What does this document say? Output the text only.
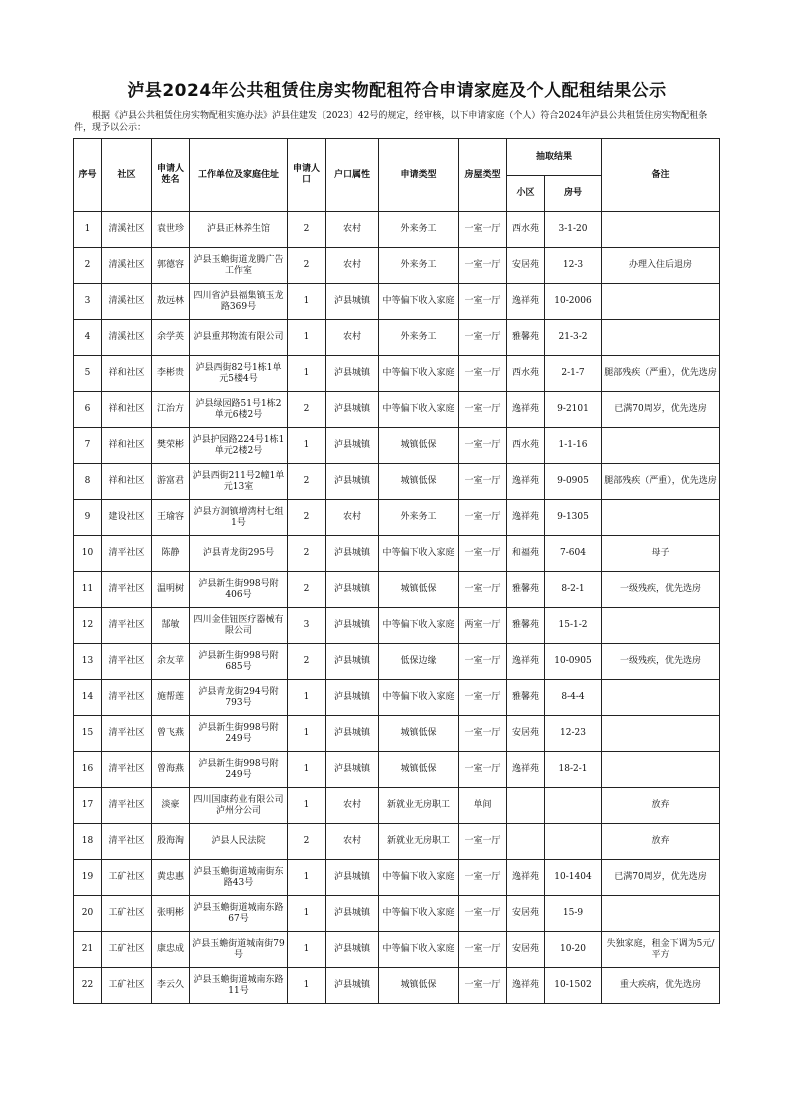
泸县2024年公共租赁住房实物配租符合申请家庭及个人配租结果公示
根据《泸县公共租赁住房实物配租实施办法》泸县住建发〔2023〕42号的规定，经审核，以下申请家庭（个人）符合2024年泸县公共租赁住房实物配租条件，现予以公示：
序号	社区	申请人姓名	工作单位及家庭住址	申请人口	户口属性	申请类型	房屋类型	抽取结果		备注
								小区	房号	
1	清溪社区	袁世珍	泸县正林养生馆	2	农村	外来务工	一室一厅	西水苑	3-1-20	
2	清溪社区	郭德容	泸县玉蟾街道龙腾广告工作室	2	农村	外来务工	一室一厅	安居苑	12-3	办理入住后退房
3	清溪社区	敖远林	四川省泸县福集镇玉龙路369号	1	泸县城镇	中等偏下收入家庭	一室一厅	逸祥苑	10-2006	
4	清溪社区	余学英	泸县重邦物流有限公司	1	农村	外来务工	一室一厅	雅馨苑	21-3-2	
5	祥和社区	李彬贵	泸县西街82号1栋1单元5楼4号	1	泸县城镇	中等偏下收入家庭	一室一厅	西水苑	2-1-7	腿部残疾（严重），优先选房
6	祥和社区	江治方	泸县绿园路51号1栋2单元6楼2号	2	泸县城镇	中等偏下收入家庭	一室一厅	逸祥苑	9-2101	已满70周岁，优先选房
7	祥和社区	樊荣彬	泸县护园路224号1栋1单元2楼2号	1	泸县城镇	城镇低保	一室一厅	西水苑	1-1-16	
8	祥和社区	游富君	泸县西街211号2幢1单元13室	2	泸县城镇	城镇低保	一室一厅	逸祥苑	9-0905	腿部残疾（严重），优先选房
9	建设社区	王瑜容	泸县方洞镇增湾村七组1号	2	农村	外来务工	一室一厅	逸祥苑	9-1305	
10	清平社区	陈静	泸县青龙街295号	2	泸县城镇	中等偏下收入家庭	一室一厅	和福苑	7-604	母子
11	清平社区	温明树	泸县新生街998号附406号	2	泸县城镇	城镇低保	一室一厅	雅馨苑	8-2-1	一级残疾，优先选房
12	清平社区	郜敏	四川金佳钮医疗器械有限公司	3	泸县城镇	中等偏下收入家庭	两室一厅	雅馨苑	15-1-2	
13	清平社区	余友苹	泸县新生街998号附685号	2	泸县城镇	低保边缘	一室一厅	逸祥苑	10-0905	一级残疾，优先选房
14	清平社区	施帮莲	泸县青龙街294号附793号	1	泸县城镇	中等偏下收入家庭	一室一厅	雅馨苑	8-4-4	
15	清平社区	曾飞燕	泸县新生街998号附249号	1	泸县城镇	城镇低保	一室一厅	安居苑	12-23	
16	清平社区	曾海燕	泸县新生街998号附249号	1	泸县城镇	城镇低保	一室一厅	逸祥苑	18-2-1	
17	清平社区	淡豪	四川国康药业有限公司泸州分公司	1	农村	新就业无房职工	单间			放弃
18	清平社区	殷海淘	泸县人民法院	2	农村	新就业无房职工	一室一厅			放弃
19	工矿社区	黄忠惠	泸县玉蟾街道城南街东路43号	1	泸县城镇	中等偏下收入家庭	一室一厅	逸祥苑	10-1404	已满70周岁，优先选房
20	工矿社区	张明彬	泸县玉蟾街道城南东路67号	1	泸县城镇	中等偏下收入家庭	一室一厅	安居苑	15-9	
21	工矿社区	康忠成	泸县玉蟾街道城南街79号	1	泸县城镇	中等偏下收入家庭	一室一厅	安居苑	10-20	失独家庭，租金下调为5元/平方
22	工矿社区	李云久	泸县玉蟾街道城南东路11号	1	泸县城镇	城镇低保	一室一厅	逸祥苑	10-1502	重大疾病，优先选房
